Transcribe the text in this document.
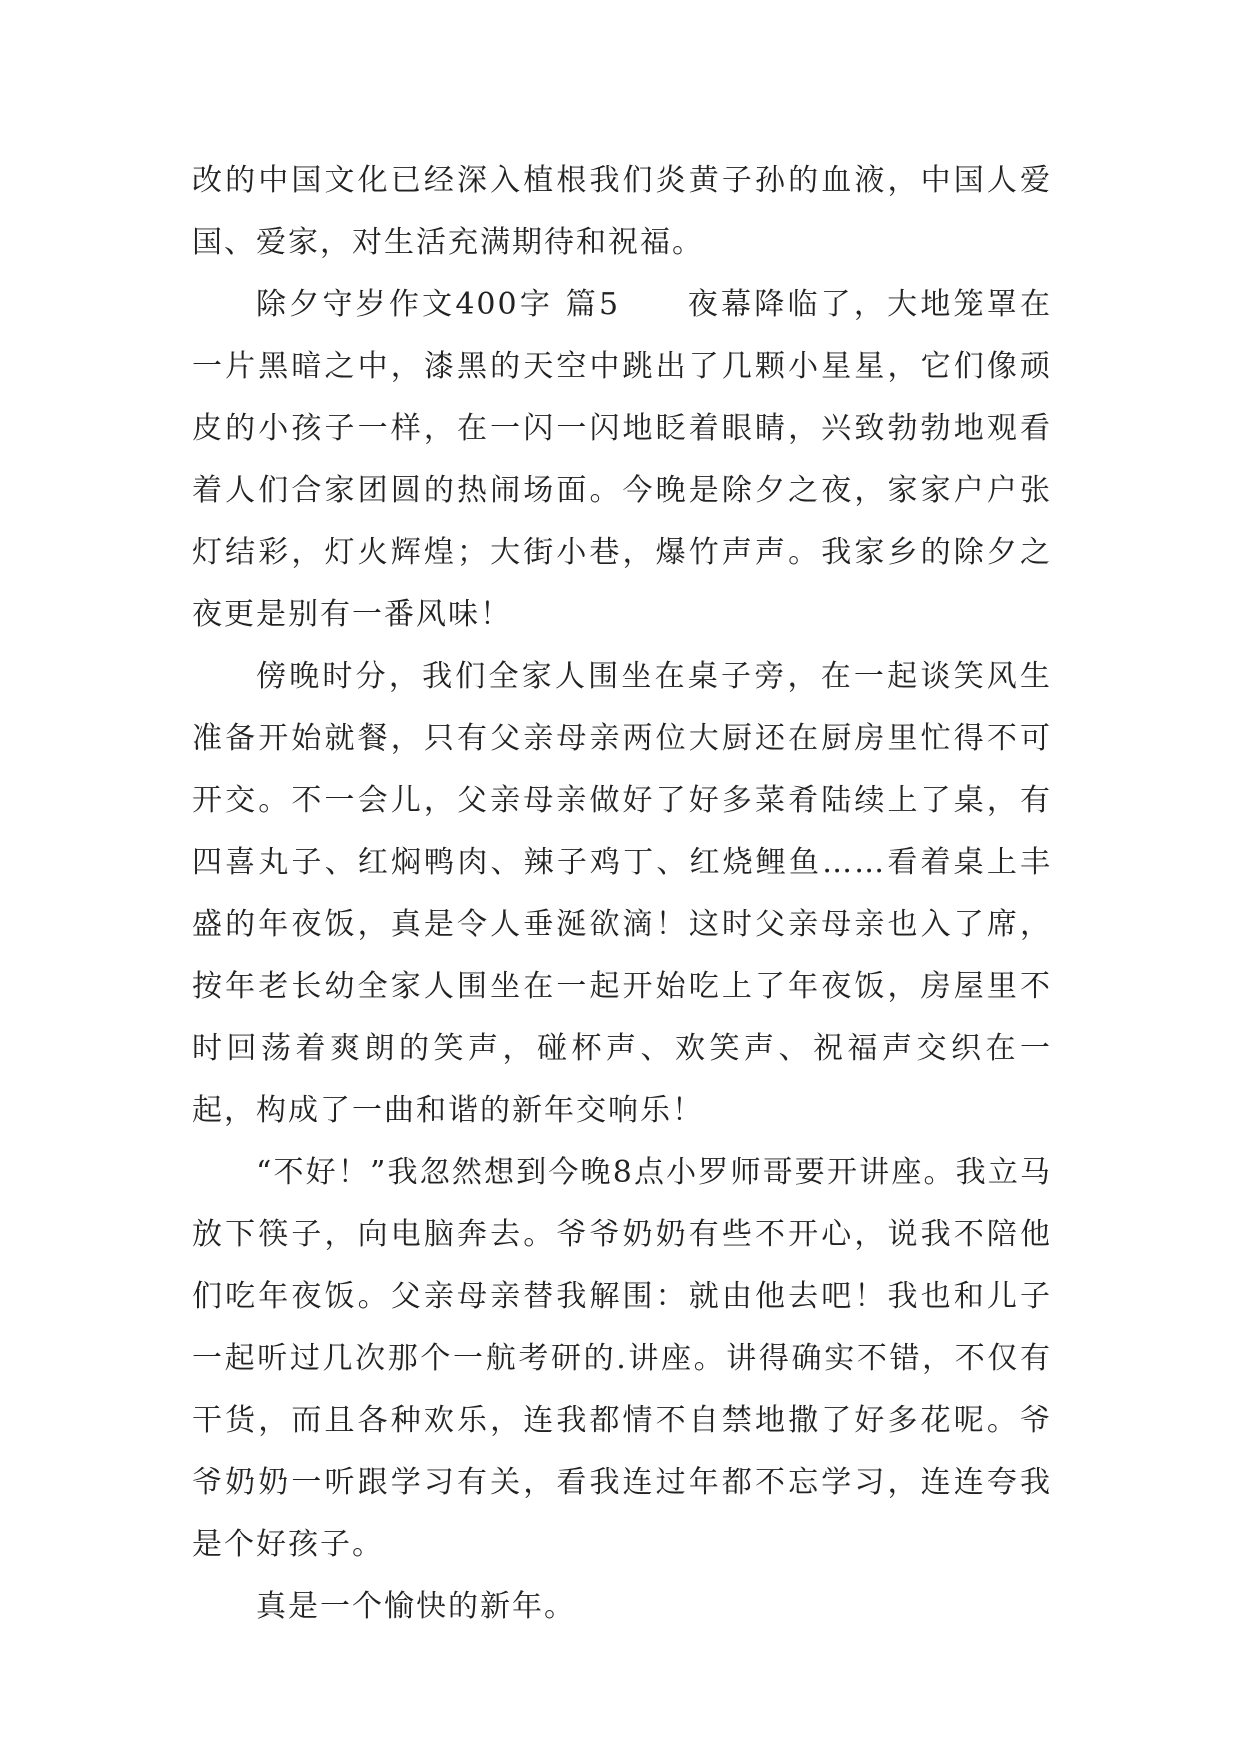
改的中国文化已经深入植根我们炎黄子孙的血液，中国人爱国、爱家，对生活充满期待和祝福。

除夕守岁作文400字 篇5　　夜幕降临了，大地笼罩在一片黑暗之中，漆黑的天空中跳出了几颗小星星，它们像顽皮的小孩子一样，在一闪一闪地眨着眼睛，兴致勃勃地观看着人们合家团圆的热闹场面。今晚是除夕之夜，家家户户张灯结彩，灯火辉煌；大街小巷，爆竹声声。我家乡的除夕之夜更是别有一番风味！

傍晚时分，我们全家人围坐在桌子旁，在一起谈笑风生准备开始就餐，只有父亲母亲两位大厨还在厨房里忙得不可开交。不一会儿，父亲母亲做好了好多菜肴陆续上了桌，有四喜丸子、红焖鸭肉、辣子鸡丁、红烧鲤鱼……看着桌上丰盛的年夜饭，真是令人垂涎欲滴！这时父亲母亲也入了席，按年老长幼全家人围坐在一起开始吃上了年夜饭，房屋里不时回荡着爽朗的笑声，碰杯声、欢笑声、祝福声交织在一起，构成了一曲和谐的新年交响乐！

“不好！”我忽然想到今晚8点小罗师哥要开讲座。我立马放下筷子，向电脑奔去。爷爷奶奶有些不开心，说我不陪他们吃年夜饭。父亲母亲替我解围：就由他去吧！我也和儿子一起听过几次那个一航考研的.讲座。讲得确实不错，不仅有干货，而且各种欢乐，连我都情不自禁地撒了好多花呢。爷爷奶奶一听跟学习有关，看我连过年都不忘学习，连连夸我是个好孩子。

真是一个愉快的新年。
